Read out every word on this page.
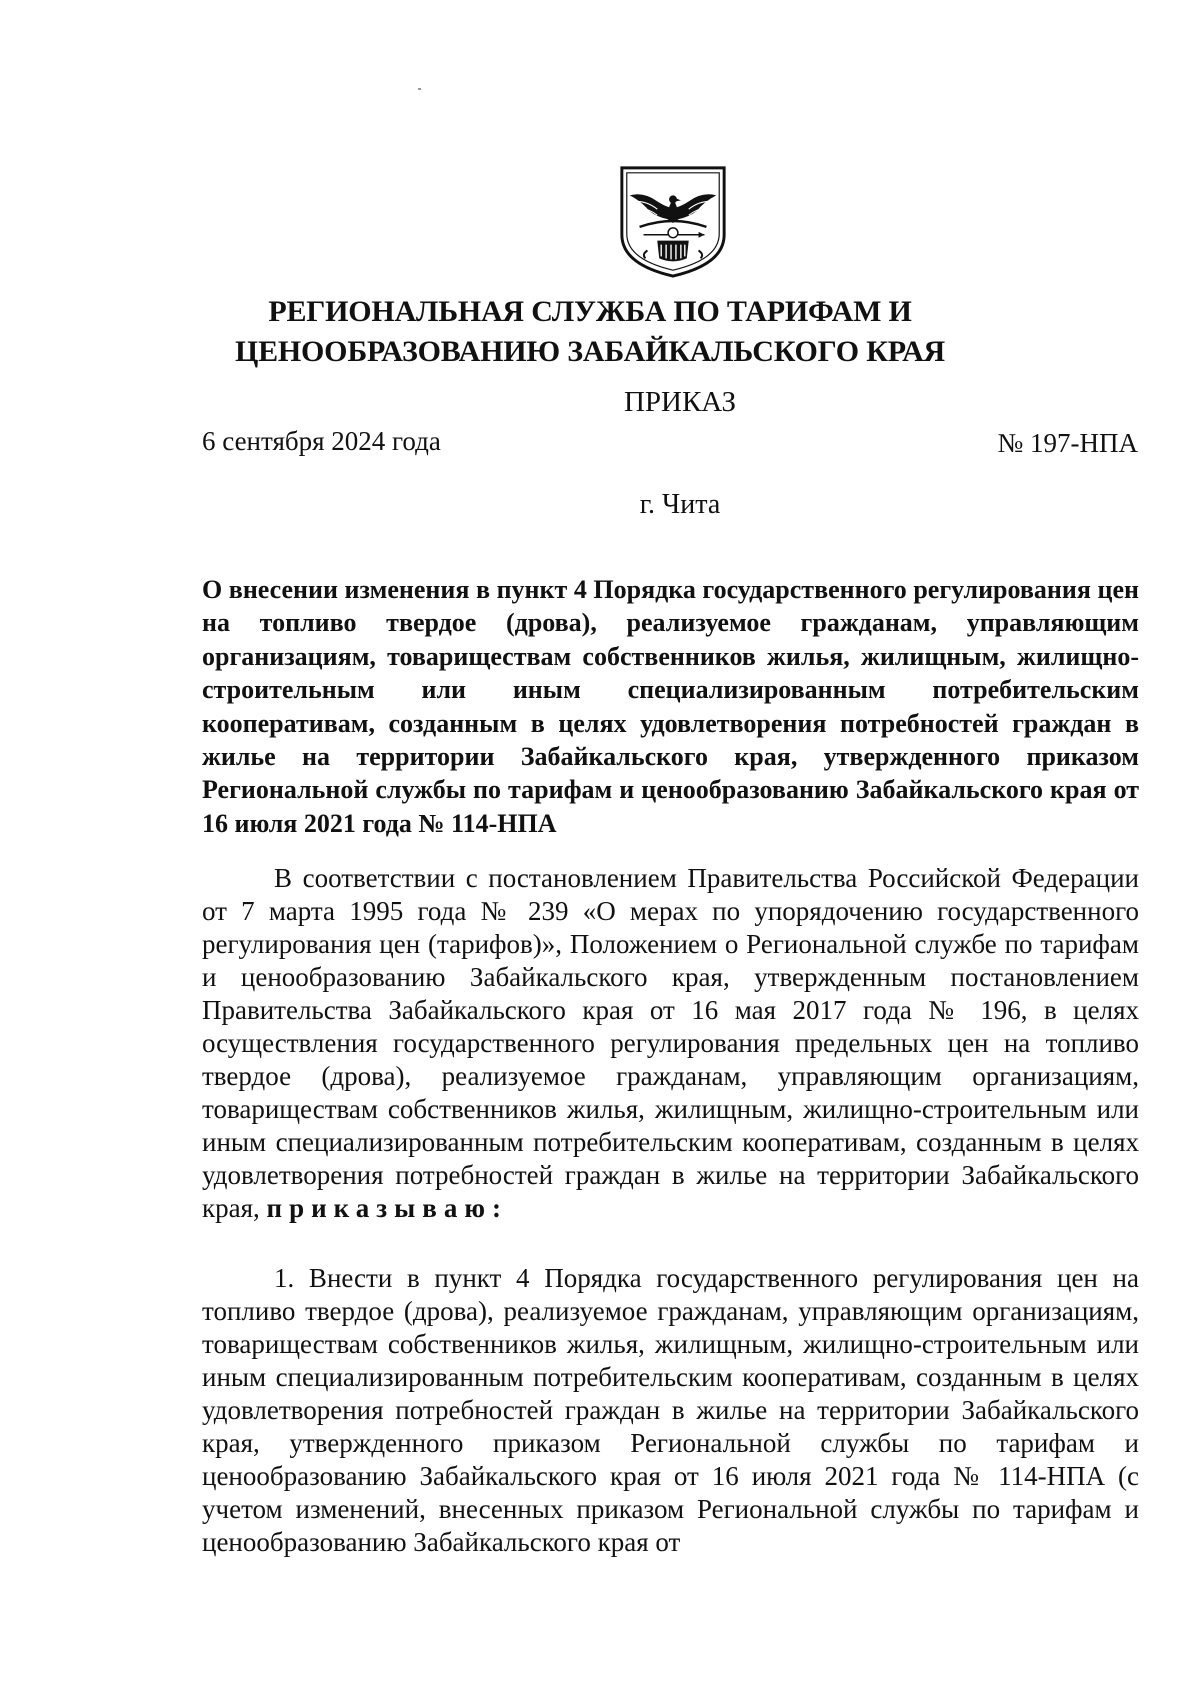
РЕГИОНАЛЬНАЯ СЛУЖБА ПО ТАРИФАМ И
ЦЕНООБРАЗОВАНИЮ ЗАБАЙКАЛЬСКОГО КРАЯ
ПРИКАЗ
6 сентября 2024 года	№ 197-НПА
г. Чита

О внесении изменения в пункт 4 Порядка государственного регулирования цен на топливо твердое (дрова), реализуемое гражданам, управляющим организациям, товариществам собственников жилья, жилищным, жилищно-строительным или иным специализированным потребительским кооперативам, созданным в целях удовлетворения потребностей граждан в жилье на территории Забайкальского края, утвержденного приказом Региональной службы по тарифам и ценообразованию Забайкальского края от 16 июля 2021 года № 114-НПА

В соответствии с постановлением Правительства Российской Федерации от 7 марта 1995 года № 239 «О мерах по упорядочению государственного регулирования цен (тарифов)», Положением о Региональной службе по тарифам и ценообразованию Забайкальского края, утвержденным постановлением Правительства Забайкальского края от 16 мая 2017 года № 196, в целях осуществления государственного регулирования предельных цен на топливо твердое (дрова), реализуемое гражданам, управляющим организациям, товариществам собственников жилья, жилищным, жилищно-строительным или иным специализированным потребительским кооперативам, созданным в целях удовлетворения потребностей граждан в жилье на территории Забайкальского края, приказываю:

1. Внести в пункт 4 Порядка государственного регулирования цен на топливо твердое (дрова), реализуемое гражданам, управляющим организациям, товариществам собственников жилья, жилищным, жилищно-строительным или иным специализированным потребительским кооперативам, созданным в целях удовлетворения потребностей граждан в жилье на территории Забайкальского края, утвержденного приказом Региональной службы по тарифам и ценообразованию Забайкальского края от 16 июля 2021 года № 114-НПА (с учетом изменений, внесенных приказом Региональной службы по тарифам и ценообразованию Забайкальского края от
